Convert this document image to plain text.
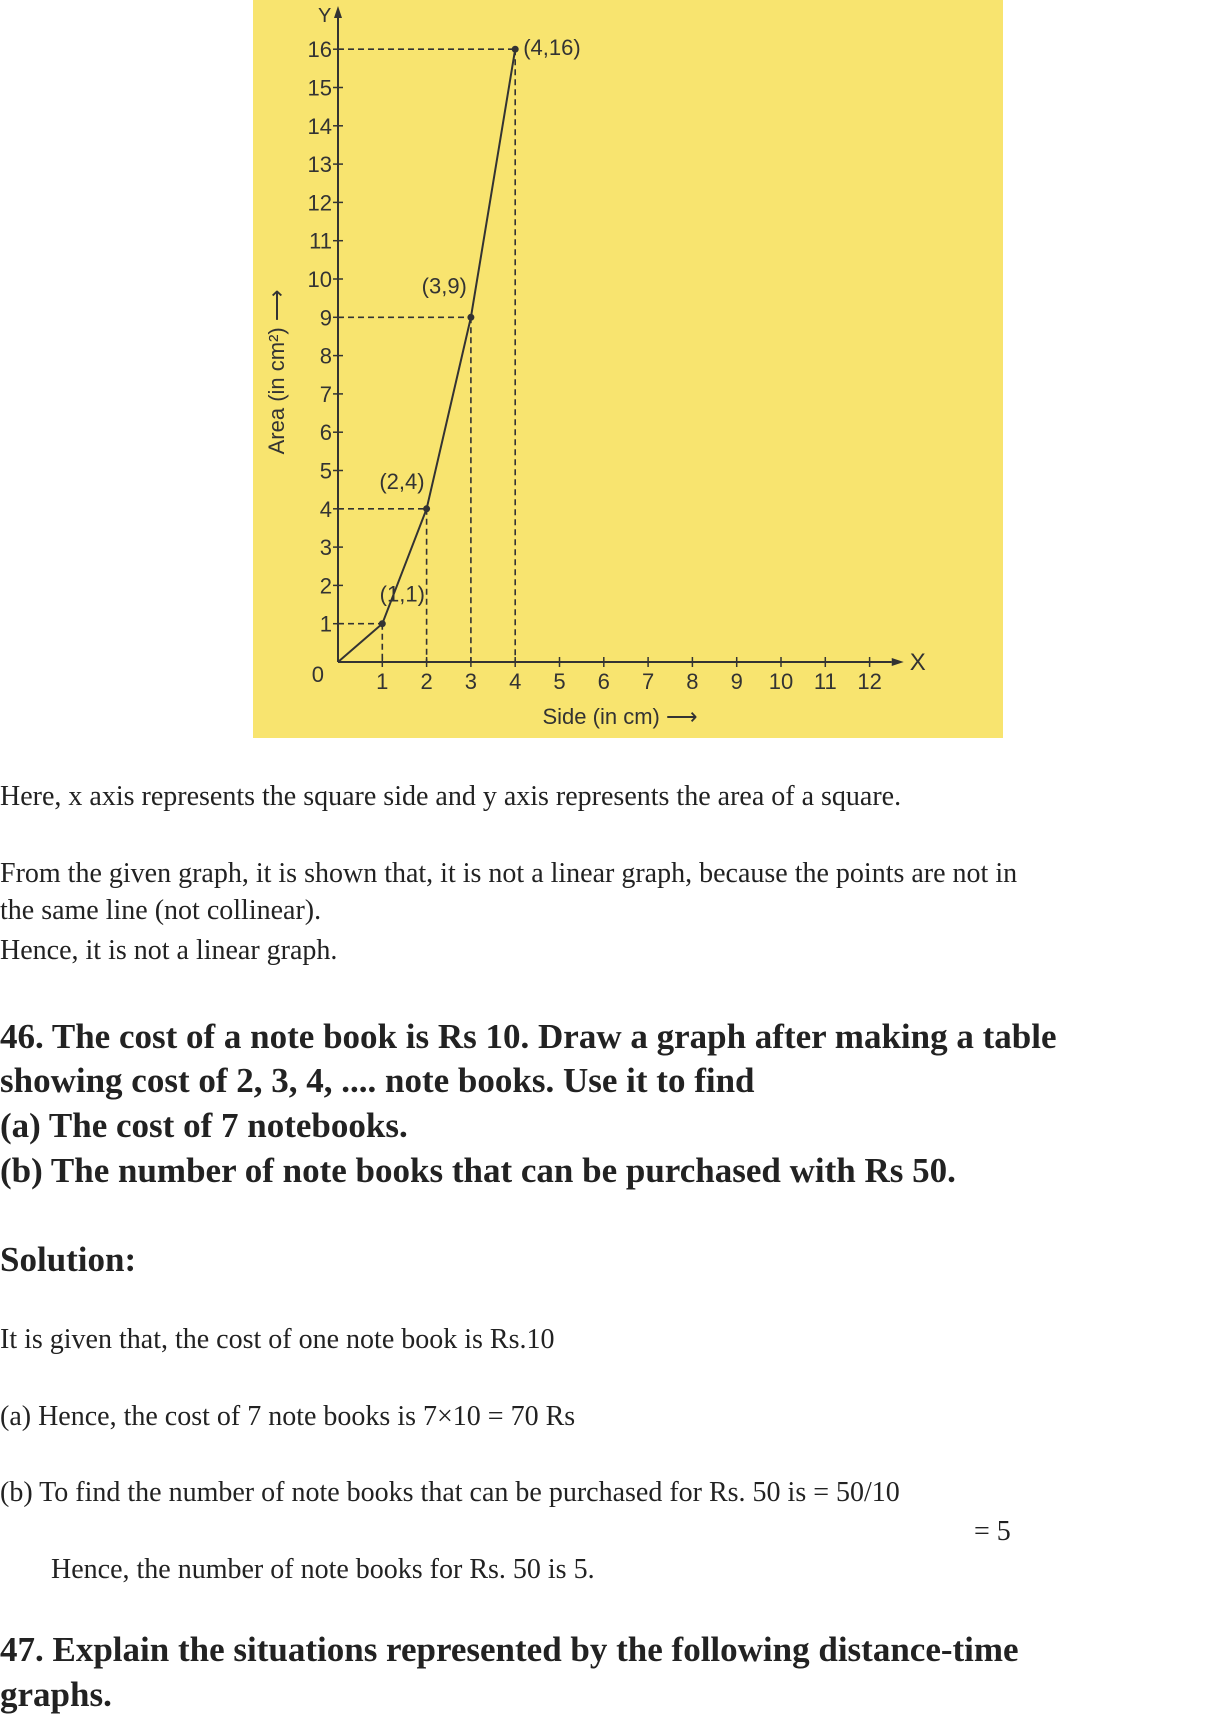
X
Y
0 1 2 3 4 5 6 7 8 9 10 11 12
1
2
3
4
5
6
7
8
9
10
11
12
13
14
15
16
Side (in cm) ⟶
Area (in cm²) ⟶
(1,1)
(2,4)
(3,9)
(4,16)
Here, x axis represents the square side and y axis represents the area of a square.
From the given graph, it is shown that, it is not a linear graph, because the points are not in
the same line (not collinear).
Hence, it is not a linear graph.
46. The cost of a note book is Rs 10. Draw a graph after making a table
showing cost of 2, 3, 4, .... note books. Use it to find
(a) The cost of 7 notebooks.
(b) The number of note books that can be purchased with Rs 50.
Solution:
It is given that, the cost of one note book is Rs.10
(a) Hence, the cost of 7 note books is 7×10 = 70 Rs
(b) To find the number of note books that can be purchased for Rs. 50 is = 50/10
= 5
Hence, the number of note books for Rs. 50 is 5.
47. Explain the situations represented by the following distance-time
graphs.
